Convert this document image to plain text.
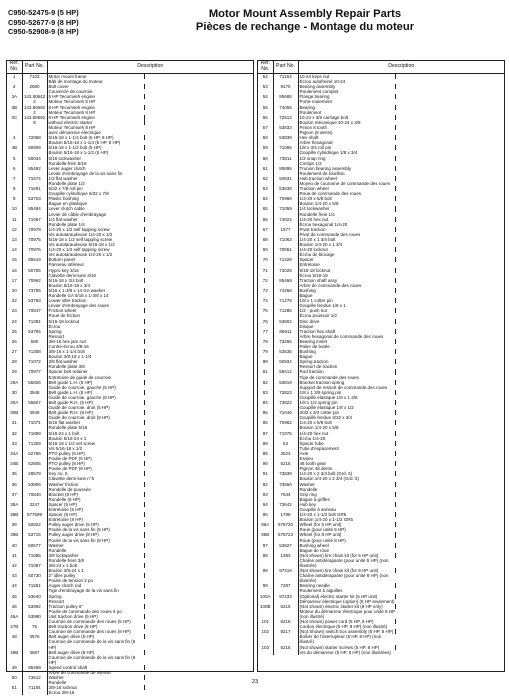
C950-52475-9 (5 HP)
C950-52677-9 (8 HP)
C950-52908-9 (8 HP)
Motor Mount Assembly Repair Parts
Pièces de rechange - Montage du moteur
Ref. No.	Part No.	Description
1	7103	Motor mount frame
Bâti de montage du moteur

2	2680	Bolt cover
Couvercle de courroie

3A	143.806422	
5 HP Tecumseh engine
Moteur Tecumseh 5 HP

3B	143.806922	
8 HP Tecumseh engine
Moteur Tecumseh 8 HP

3C	143.806928	
8 HP Tecumseh engine
without electric starter
Moteur Tecumseh 8 HP
avec démarreur électrique

4	72068	5/16-18 x 1-1/4 bolt (5 HP, 8 HP)
Boulon 5/16-18 x 1-1/4 (5 HP, 8 HP)

4B	80909	5/16-18 x 1-1/2 bolt (5 HP)
Boulon 5/16-18 x 1-1/2 (5 HP)

5	50034	5/16 lockwasher
Rondelle-frein 5/16

6	85492	Lever auger clutch
Levier d'embrayage de la vis sans fin

7	71674	1/2 flat washer
Rondelle plate 1/2

8	71691	5/32 x 7/8 roll pin
Goupille cylindrique 5/32 x 7/8

9	53703	Plastic bushing
Bague en plastique

10	85494	Lever clutch cable
Levier de câble d'embrayage

11	71067	1/4 flat washer
Rondelle plate 1/4

12	70978	1/4-20 x 1/2 self tapping screw
Vis autotaraudeuse 1/4-20 x 1/2

13	70975	5/16-18 x 1/2 self tapping screw
Vis autotaraudeuse 5/16-18 x 1/2

14	70976	1/4-20 x 1/2 self tapping screw
Vis autotaraudeuse 1/4-20 x 1/2

15	85519	Bottom panel
Panneau inférieur

16	50705	Hypro key 3/16
Clavette demi-lune 3/16

17	70962	5/16-18 x 3/4 bolt
Boulon 5/16-18 x 3/4

20	73795	5/16 x 1-3/8 x 14 GA washer
Rondelle GA 5/16 x 1-3/8 x 14

22	53793	Lower idler traction
Levier d'embrayage des roues

23	70847	Friction wheel
Roue de friction

24	71391	5/16-18 locknut
Écrou

25	53794	Spring
Ressort

26	580	3/8-16 hex jam nut
Contre-écrou 3/8-16

27	71308	3/8-16 x 1-1/4 bolt
Boulon 3/8-16 x 1-1/4

28	71072	3/8 flat washer
Rondelle plate 3/8

29	70977	Spacer belt retainer
Entretoise de guide de courroie

29A	55826	Belt guide L.H. (5 HP)
Guide de courroie, gauche (5 HP)

30	3948	Belt guide L.H. (8 HP)
Guide de courroie, gauche (8 HP)

30A	55827	Belt guide R.H. (5 HP)
Guide de courroie, droit (5 HP)

30B	3948	Belt guide R.H. (8 HP)
Guide de courroie, droit (8 HP)

31	71071	5/16 flat washer
Rondelle plate 5/16

32	71899	5/16-24 x 1 bolt
Boulon 5/16-24 x 1

33	71309	5/16-18 x 1/2 set screw
Vis 5/16-18 x 1/2

34A	52786	PTO pulley (5 HP)
Poulie de PDF (5 HP)

34B	52805	PTO pulley (8 HP)
Poulie de PDF (8 HP)

35	28579	Key no. 5
Clavette demi-lune n°5

36	53806	Washer friction
Rondelle de poussée

37	70840	Bracket (8 HP)
Rondelle (8 HP)

38A	3247	Spacer (5 HP)
Entretoise (5 HP)

38B	577599	Spacer (8 HP)
Entretoise (8 HP)

39	50822	Pulley auger drive (5 HP)
Poulie de la vis sans fin (5 HP)

39B	53715	Pulley auger drive (8 HP)
Poulie de la vis sans fin (8 HP)

40	50677	Washer
Rondelle

41	71085	3/8 lockwasher
Rondelle-frein 3/8

42	71087	3/8-24 x 1 bolt
Boulon 3/8-24 x 1

43	50730	2" idler pulley
Poulie de tension 2 po

44	71581	Auger clutch rod
Tige d'embrayage de la vis sans fin

45	53640	Spring
Ressort

46	53992	Traction pulley 6"
Poulie de commande des roues 6 po

46A	53990	Unit traction drive (5 HP)
Courroie de commande des roues (5 HP)

47B	75		Belt traction drive (8 HP)
Courroie de commande des roues (8 HP)

48	3576	Belt auger drive (5 HP)
Courroie de commande de la vis sans fin (5 HP)

48B	3587	Belt auger drive (8 HP)
Courroie de commande de la vis sans fin (8 HP)

49	85499	Speed control shaft
Arbre de commande de vitesse

50	73612	Washer
Rondelle

51	71184	3/8-16 locknut
Écrou 3/8-16
Ref. No.	Part No.	Description
52	71163	10-24 keps nut
Écrou autofreiné 10-24

53	9170	Bearing assembly
Roulement complet

54	85688	Flange bearing
Porte-roulement

55	74055	Bearing
Roulement

56	72513	10-24 x 3/8 carriage bolt
Boulon mécanique 10-24 x 3/8

57	53833	Pinion 8 tooth
Pignon (8 dents)

58	53830	Hex shaft
Arbre hexagonal

59	71066	1/8 x 3/4 roll pin
Goupille cylindrique 1/8 x 3/4

60	73811	1/2 snap ring
Circlips 1/2

61	85895	Trunion bearing assembly
Roulement de tourillon

62	50831	Hub traction wheel
Moyeu de couronne de commande des roues

63	53830	Traction wheel
Roue de commande des roues

64	70960	1/4-20 x 5/8 bolt
Boulon 1/4-20 x 5/8

65	71059	1/4 lockwasher
Rondelle frein 1/4

66	74024	1/4-20 hex nut
Écrou hexagonal 1/4-20

67	1577	Pivot traction
Pivot de commande des roues

68	71063	1/4-20 x 1 3/4 bolt
Boulon 1/4-20 x 1 3/4

69	70061	1/4-20 locknut
Écrou de blocage

70	71428	Spacer
Entretoise

71	73028	5/16-18 locknut
Écrou 5/16-18

72	85469	Traction shaft assy
Arbre de commande des roues

73	74258	Bushing
Bague

74	71279	1/8 x 1 cotter pin
Goupille fendue 1/8 x 1

75	71285	1/2 - push nut
Écrou poussoir 1/2

76	53802	Disc drive
Disque

77	85911	Traction hex shaft
Arbre hexagonal de commande des roues

78	73266	Bearing insert
Palier de butée

79	53535	Bushing
Bague

80	50934	Spring traction
Ressort de traction

81	58412	Rod traction
Tige de commande des roues

82	53819	Bracket traction spring
Support de ressort de commande des roues

83	73823	1/8 x 1 3/8 spring pin
Goupille élastique 1/8 x 1 3/8

84	73822	1/8 x 1/2 spring pin
Goupille élastique 1/8 x 1/2

85	71046	3/32 x 3/4 cotter pin
Goupille fendue 3/32 x 3/4

86	70962	1/4-20 x 5/8 bolt
Boulon 1/4-20 x 5/8

87	71075	1/4-20 hex nut
Écrou 1/4-20

88	53		Spacer tube
Tube d'espacement

89	3523	Axle
Essieu

90	6215	48 tooth gear
Pignon 48 dents

91	73830	1/4-20 x 2 3/4 bolt (Grd. 5)
Boulon 1/4-20 x 2 3/4 (Grd. 5)

92	73650	Washer
Rondelle

93	7544	Grip ring
Bague à griffes

94	73642	Hub key
Goupille à anneau

95	1798	1/4-20 x 1-1/2 bolt GR5
Boulon 1/4-20 x 1-1/2 GR5

96A	578720	Wheel (for 5 HP unit)
Roue (pour unité 5 HP)

96B	578723	Wheel (for 8 HP unit)
Roue (pour unité 8 HP)

97	53827	Bushing wheel
Bague de roue

98	1393	(Not shown) tire chain kit (for 5 HP unit)
Chaîne antidérapante (pour unité 5 HP) (non illustrée)

99	97410	(Not shown) tire chain kit (for 8 HP unit)
Chaîne antidérapante (pour unité 8 HP) (non illustrée)

99	7287	Bearing needle
Roulement à aiguilles

100A	97233	(Optional) electric starter kit (5 HP unit)
Démarreur électrique (option) (5 HP seulement)

100B	6215	(Not shown) electric starter kit (8 HP only)
Moteur du démarreur électrique pour unité 8 HP (non illustré)

101	6216	(Not shown) power cord (5 HP, 8 HP)
Cordon électrique (5 HP, 8 HP) (non illustré)

102	8217	(Not Shown) switch box assembly (5 HP, 8 HP)
Boîtier de l'interrupteur (5 HP, 8 HP) (non illustré)

103	6215	(Not shown) starter screws (5 HP, 8 HP)
Vis du démarreur (5 HP, 8 HP) (non illustrées)
23
